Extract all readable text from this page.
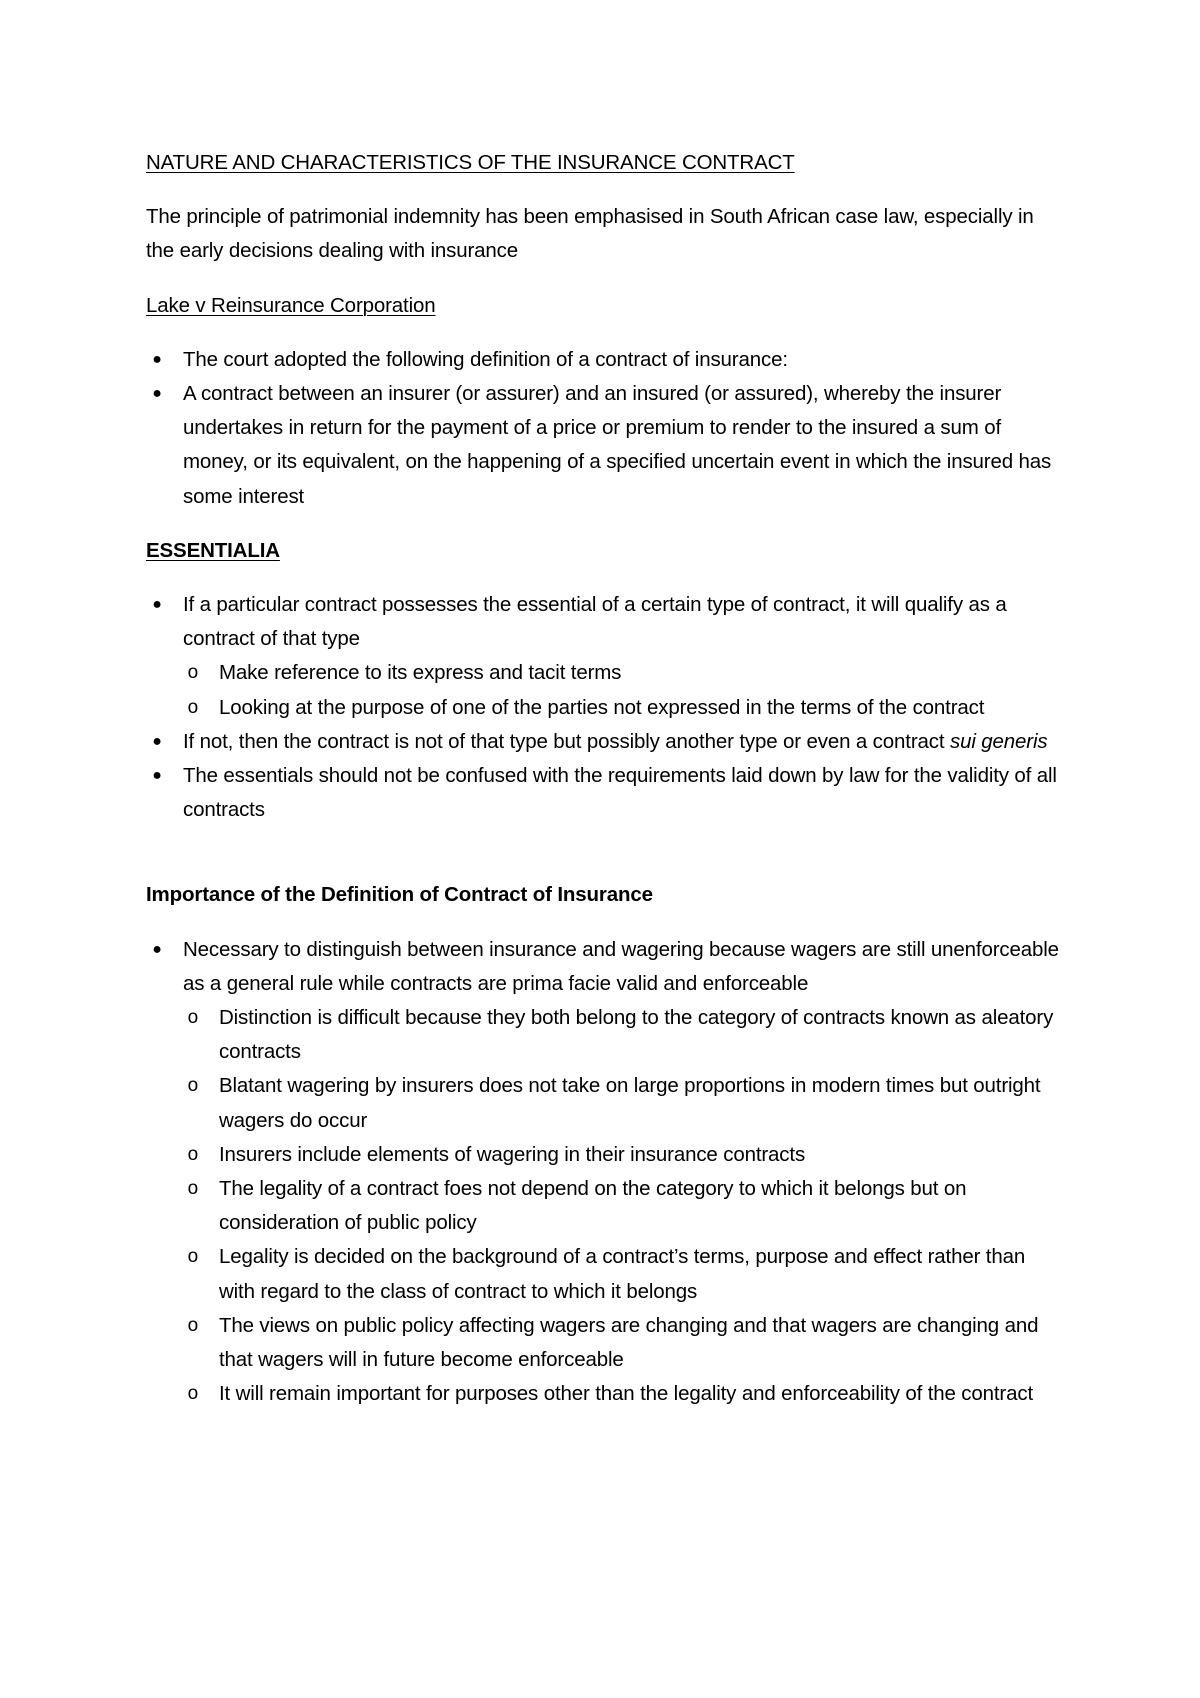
NATURE AND CHARACTERISTICS OF THE INSURANCE CONTRACT

The principle of patrimonial indemnity has been emphasised in South African case law, especially in the early decisions dealing with insurance

Lake v Reinsurance Corporation

● The court adopted the following definition of a contract of insurance:
● A contract between an insurer (or assurer) and an insured (or assured), whereby the insurer undertakes in return for the payment of a price or premium to render to the insured a sum of money, or its equivalent, on the happening of a specified uncertain event in which the insured has some interest

ESSENTIALIA

● If a particular contract possesses the essential of a certain type of contract, it will qualify as a contract of that type
o Make reference to its express and tacit terms
o Looking at the purpose of one of the parties not expressed in the terms of the contract
● If not, then the contract is not of that type but possibly another type or even a contract sui generis
● The essentials should not be confused with the requirements laid down by law for the validity of all contracts

Importance of the Definition of Contract of Insurance

● Necessary to distinguish between insurance and wagering because wagers are still unenforceable as a general rule while contracts are prima facie valid and enforceable
o Distinction is difficult because they both belong to the category of contracts known as aleatory contracts
o Blatant wagering by insurers does not take on large proportions in modern times but outright wagers do occur
o Insurers include elements of wagering in their insurance contracts
o The legality of a contract foes not depend on the category to which it belongs but on consideration of public policy
o Legality is decided on the background of a contract’s terms, purpose and effect rather than with regard to the class of contract to which it belongs
o The views on public policy affecting wagers are changing and that wagers are changing and that wagers will in future become enforceable
o It will remain important for purposes other than the legality and enforceability of the contract
